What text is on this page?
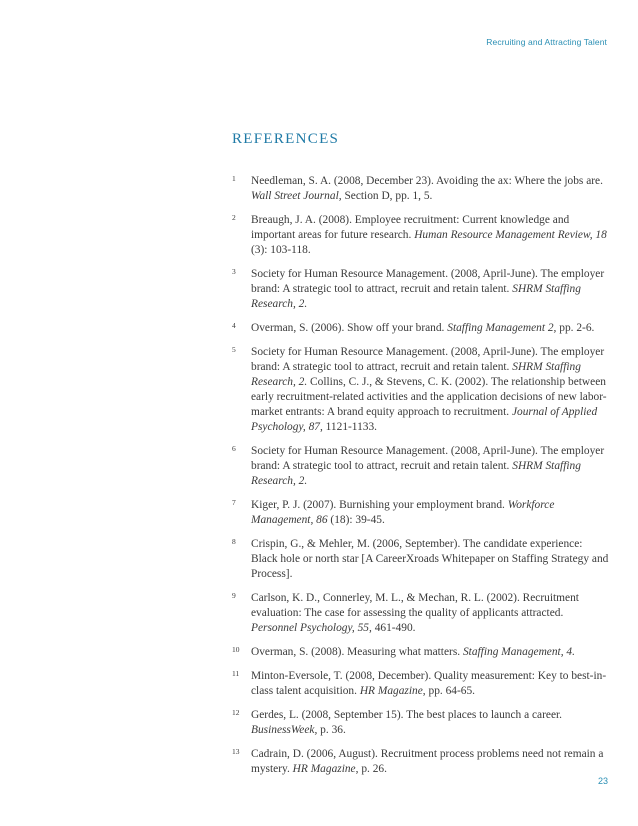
Recruiting and Attracting Talent
references
1 Needleman, S. A. (2008, December 23). Avoiding the ax: Where the jobs are. Wall Street Journal, Section D, pp. 1, 5.
2 Breaugh, J. A. (2008). Employee recruitment: Current knowledge and important areas for future research. Human Resource Management Review, 18 (3): 103-118.
3 Society for Human Resource Management. (2008, April-June). The employer brand: A strategic tool to attract, recruit and retain talent. SHRM Staffing Research, 2.
4 Overman, S. (2006). Show off your brand. Staffing Management 2, pp. 2-6.
5 Society for Human Resource Management. (2008, April-June). The employer brand: A strategic tool to attract, recruit and retain talent. SHRM Staffing Research, 2. Collins, C. J., & Stevens, C. K. (2002). The relationship between early recruitment-related activities and the application decisions of new labor-market entrants: A brand equity approach to recruitment. Journal of Applied Psychology, 87, 1121-1133.
6 Society for Human Resource Management. (2008, April-June). The employer brand: A strategic tool to attract, recruit and retain talent. SHRM Staffing Research, 2.
7 Kiger, P. J. (2007). Burnishing your employment brand. Workforce Management, 86 (18): 39-45.
8 Crispin, G., & Mehler, M. (2006, September). The candidate experience: Black hole or north star [A CareerXroads Whitepaper on Staffing Strategy and Process].
9 Carlson, K. D., Connerley, M. L., & Mechan, R. L. (2002). Recruitment evaluation: The case for assessing the quality of applicants attracted. Personnel Psychology, 55, 461-490.
10 Overman, S. (2008). Measuring what matters. Staffing Management, 4.
11 Minton-Eversole, T. (2008, December). Quality measurement: Key to best-in-class talent acquisition. HR Magazine, pp. 64-65.
12 Gerdes, L. (2008, September 15). The best places to launch a career. BusinessWeek, p. 36.
13 Cadrain, D. (2006, August). Recruitment process problems need not remain a mystery. HR Magazine, p. 26.
23
